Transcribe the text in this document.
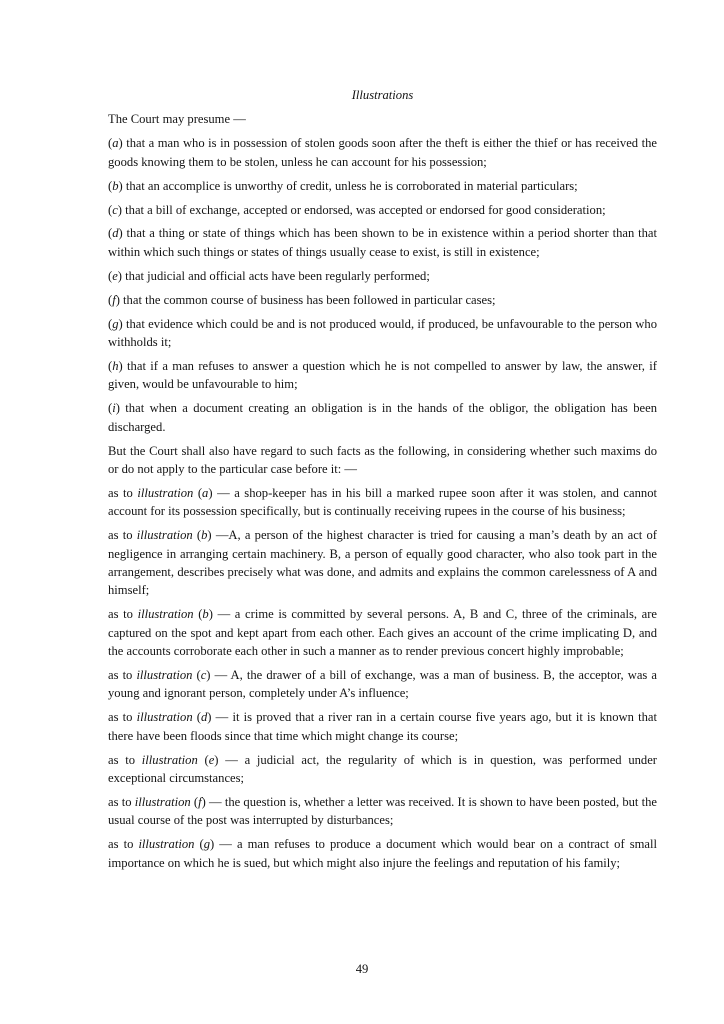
Illustrations

The Court may presume —

(a) that a man who is in possession of stolen goods soon after the theft is either the thief or has received the goods knowing them to be stolen, unless he can account for his possession;

(b) that an accomplice is unworthy of credit, unless he is corroborated in material particulars;

(c) that a bill of exchange, accepted or endorsed, was accepted or endorsed for good consideration;

(d) that a thing or state of things which has been shown to be in existence within a period shorter than that within which such things or states of things usually cease to exist, is still in existence;

(e) that judicial and official acts have been regularly performed;

(f) that the common course of business has been followed in particular cases;

(g) that evidence which could be and is not produced would, if produced, be unfavourable to the person who withholds it;

(h) that if a man refuses to answer a question which he is not compelled to answer by law, the answer, if given, would be unfavourable to him;

(i) that when a document creating an obligation is in the hands of the obligor, the obligation has been discharged.

But the Court shall also have regard to such facts as the following, in considering whether such maxims do or do not apply to the particular case before it: —

as to illustration (a) — a shop-keeper has in his bill a marked rupee soon after it was stolen, and cannot account for its possession specifically, but is continually receiving rupees in the course of his business;

as to illustration (b) —A, a person of the highest character is tried for causing a man’s death by an act of negligence in arranging certain machinery. B, a person of equally good character, who also took part in the arrangement, describes precisely what was done, and admits and explains the common carelessness of A and himself;

as to illustration (b) — a crime is committed by several persons. A, B and C, three of the criminals, are captured on the spot and kept apart from each other. Each gives an account of the crime implicating D, and the accounts corroborate each other in such a manner as to render previous concert highly improbable;

as to illustration (c) — A, the drawer of a bill of exchange, was a man of business. B, the acceptor, was a young and ignorant person, completely under A’s influence;

as to illustration (d) — it is proved that a river ran in a certain course five years ago, but it is known that there have been floods since that time which might change its course;

as to illustration (e) — a judicial act, the regularity of which is in question, was performed under exceptional circumstances;

as to illustration (f) — the question is, whether a letter was received. It is shown to have been posted, but the usual course of the post was interrupted by disturbances;

as to illustration (g) — a man refuses to produce a document which would bear on a contract of small importance on which he is sued, but which might also injure the feelings and reputation of his family;

49
